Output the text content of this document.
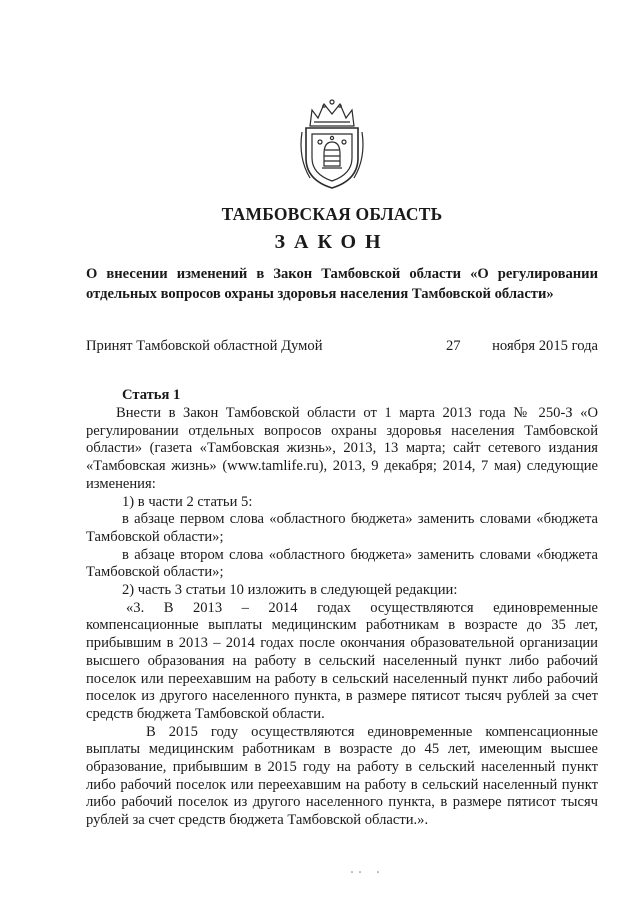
ТАМБОВСКАЯ ОБЛАСТЬ
ЗАКОН
О внесении изменений в Закон Тамбовской области «О регулировании отдельных вопросов охраны здоровья населения Тамбовской области»
Принят Тамбовской областной Думой	27 ноября 2015 года
Статья 1

Внести в Закон Тамбовской области от 1 марта 2013 года № 250-З «О регулировании отдельных вопросов охраны здоровья населения Тамбовской области» (газета «Тамбовская жизнь», 2013, 13 марта; сайт сетевого издания «Тамбовская жизнь» (www.tamlife.ru), 2013, 9 декабря; 2014, 7 мая) следующие изменения:

1) в части 2 статьи 5:

в абзаце первом слова «областного бюджета» заменить словами «бюджета Тамбовской области»;

в абзаце втором слова «областного бюджета» заменить словами «бюджета Тамбовской области»;

2) часть 3 статьи 10 изложить в следующей редакции:

«3. В 2013 – 2014 годах осуществляются единовременные компенсационные выплаты медицинским работникам в возрасте до 35 лет, прибывшим в 2013 – 2014 годах после окончания образовательной организации высшего образования на работу в сельский населенный пункт либо рабочий поселок или переехавшим на работу в сельский населенный пункт либо рабочий поселок из другого населенного пункта, в размере пятисот тысяч рублей за счет средств бюджета Тамбовской области.

В 2015 году осуществляются единовременные компенсационные выплаты медицинским работникам в возрасте до 45 лет, имеющим высшее образование, прибывшим в 2015 году на работу в сельский населенный пункт либо рабочий поселок или переехавшим на работу в сельский населенный пункт либо рабочий поселок из другого населенного пункта, в размере пятисот тысяч рублей за счет средств бюджета Тамбовской области.».
